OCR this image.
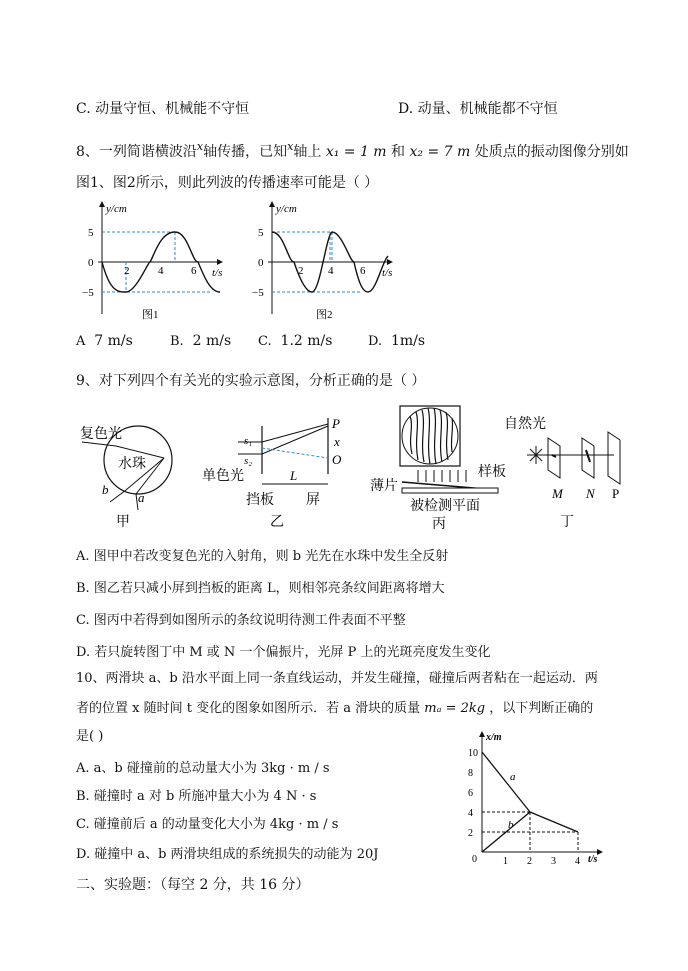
C. 动量守恒、机械能不守恒	D. 动量、机械能都不守恒
8、一列简谐横波沿$^x$轴传播，已知$^x$轴上 x₁ = 1 m 和 x₂ = 7 m 处质点的振动图像分别如
图1、图2所示，则此列波的传播速率可能是（ ）
y/cm
t/s
2	4	6
5
0
−5
图1
y/cm
t/s
2 4 6
5
0
−5
图2
A 7 m/s	B. 2 m/s C. 1.2 m/s	D. 1m/s
9、对下列四个有关光的实验示意图，分析正确的是（ ）
复色光
水珠
b
a
甲
s₁
s₂
P
x
O
L
单色光
挡板 屏
乙
薄片
样板
被检测平面
丙
自然光
M N P
丁
A. 图甲中若改变复色光的入射角，则 b 光先在水珠中发生全反射
B. 图乙若只减小屏到挡板的距离 L，则相邻亮条纹间距离将增大
C. 图丙中若得到如图所示的条纹说明待测工件表面不平整
D. 若只旋转图丁中 M 或 N 一个偏振片，光屏 P 上的光斑亮度发生变化
10、两滑块 a、b 沿水平面上同一条直线运动，并发生碰撞，碰撞后两者粘在一起运动．两
者的位置 x 随时间 t 变化的图象如图所示．若 a 滑块的质量 mₐ = 2kg ，以下判断正确的
是( )
A. a、b 碰撞前的总动量大小为 3kg · m / s
B. 碰撞时 a 对 b 所施冲量大小为 4 N · s
C. 碰撞前后 a 的动量变化大小为 4kg · m / s
D. 碰撞中 a、b 两滑块组成的系统损失的动能为 20J
x/m
t/s
2
4
6
8
10
1 2 3 4
0
a
b
二、实验题：（每空 2 分，共 16 分）
